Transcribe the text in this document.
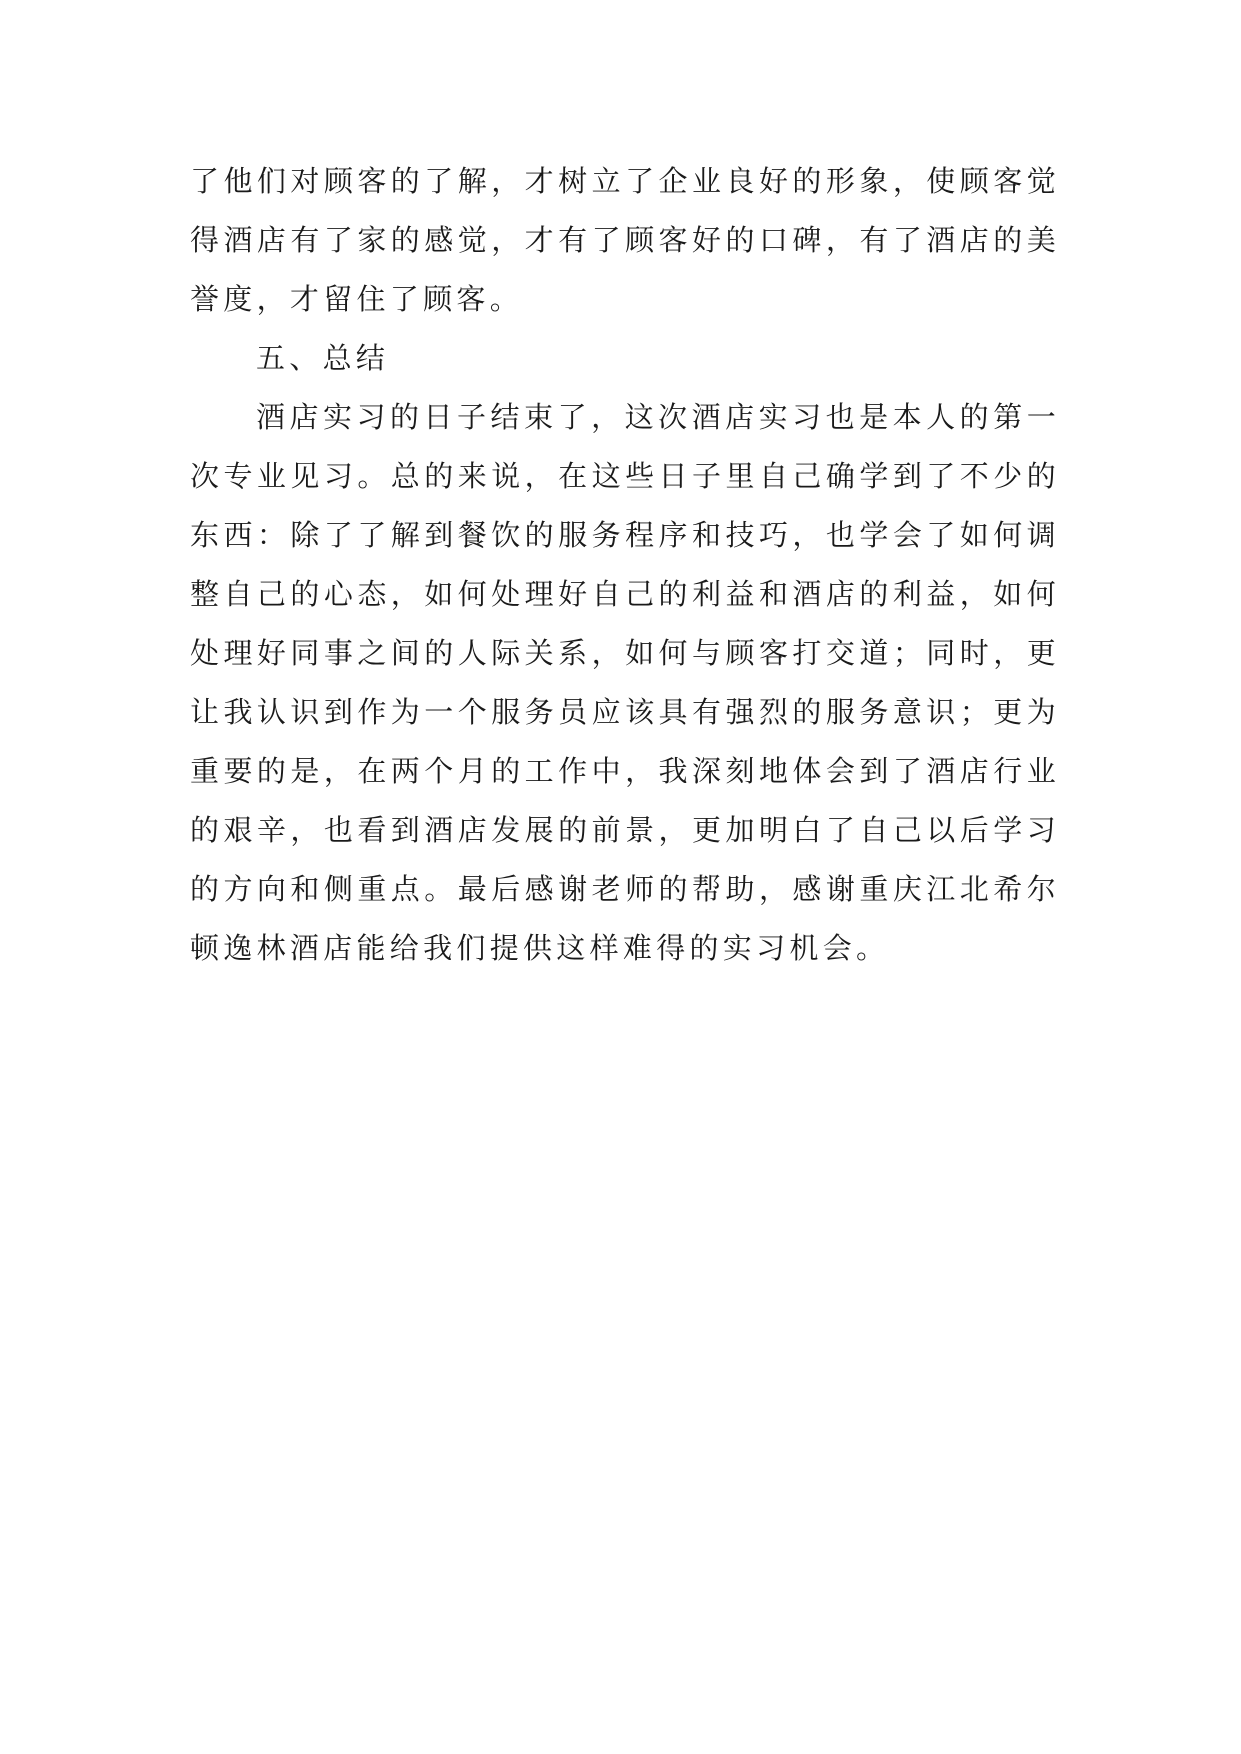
了他们对顾客的了解，才树立了企业良好的形象，使顾客觉得酒店有了家的感觉，才有了顾客好的口碑，有了酒店的美誉度，才留住了顾客。

五、总结

酒店实习的日子结束了，这次酒店实习也是本人的第一次专业见习。总的来说，在这些日子里自己确学到了不少的东西：除了了解到餐饮的服务程序和技巧，也学会了如何调整自己的心态，如何处理好自己的利益和酒店的利益，如何处理好同事之间的人际关系，如何与顾客打交道；同时，更让我认识到作为一个服务员应该具有强烈的服务意识；更为重要的是，在两个月的工作中，我深刻地体会到了酒店行业的艰辛，也看到酒店发展的前景，更加明白了自己以后学习的方向和侧重点。最后感谢老师的帮助，感谢重庆江北希尔顿逸林酒店能给我们提供这样难得的实习机会。
